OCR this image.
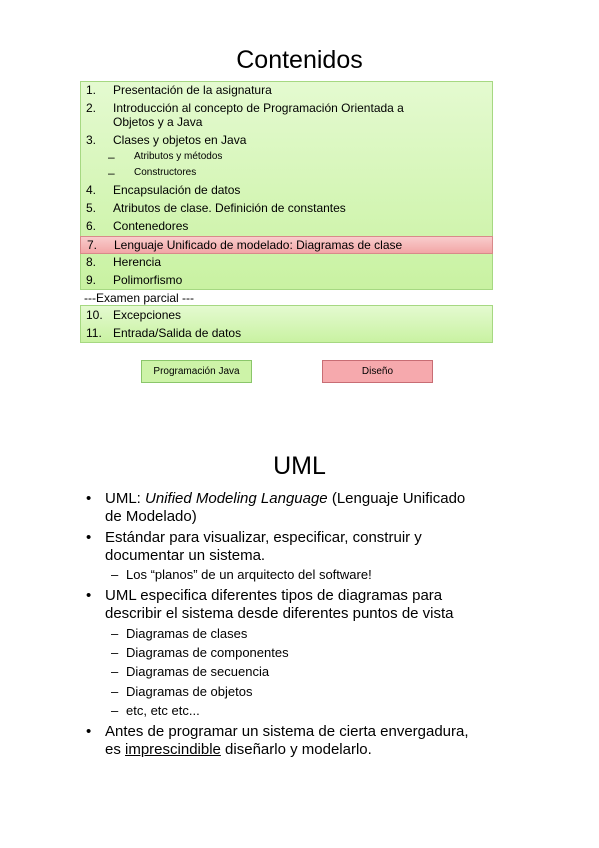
Contenidos
1. Presentación de la asignatura
2. Introducción al concepto de Programación Orientada a
Objetos y a Java
3. Clases y objetos en Java
– Atributos y métodos
– Constructores
4. Encapsulación de datos
5. Atributos de clase. Definición de constantes
6. Contenedores
7. Lenguaje Unificado de modelado: Diagramas de clase
8. Herencia
9. Polimorfismo
---Examen parcial ---
10. Excepciones
11. Entrada/Salida de datos
Programación Java	Diseño
UML
• UML: Unified Modeling Language (Lenguaje Unificado
de Modelado)
• Estándar para visualizar, especificar, construir y
documentar un sistema.
– Los “planos” de un arquitecto del software!
• UML especifica diferentes tipos de diagramas para
describir el sistema desde diferentes puntos de vista
– Diagramas de clases
– Diagramas de componentes
– Diagramas de secuencia
– Diagramas de objetos
– etc, etc etc...
• Antes de programar un sistema de cierta envergadura,
es imprescindible diseñarlo y modelarlo.
